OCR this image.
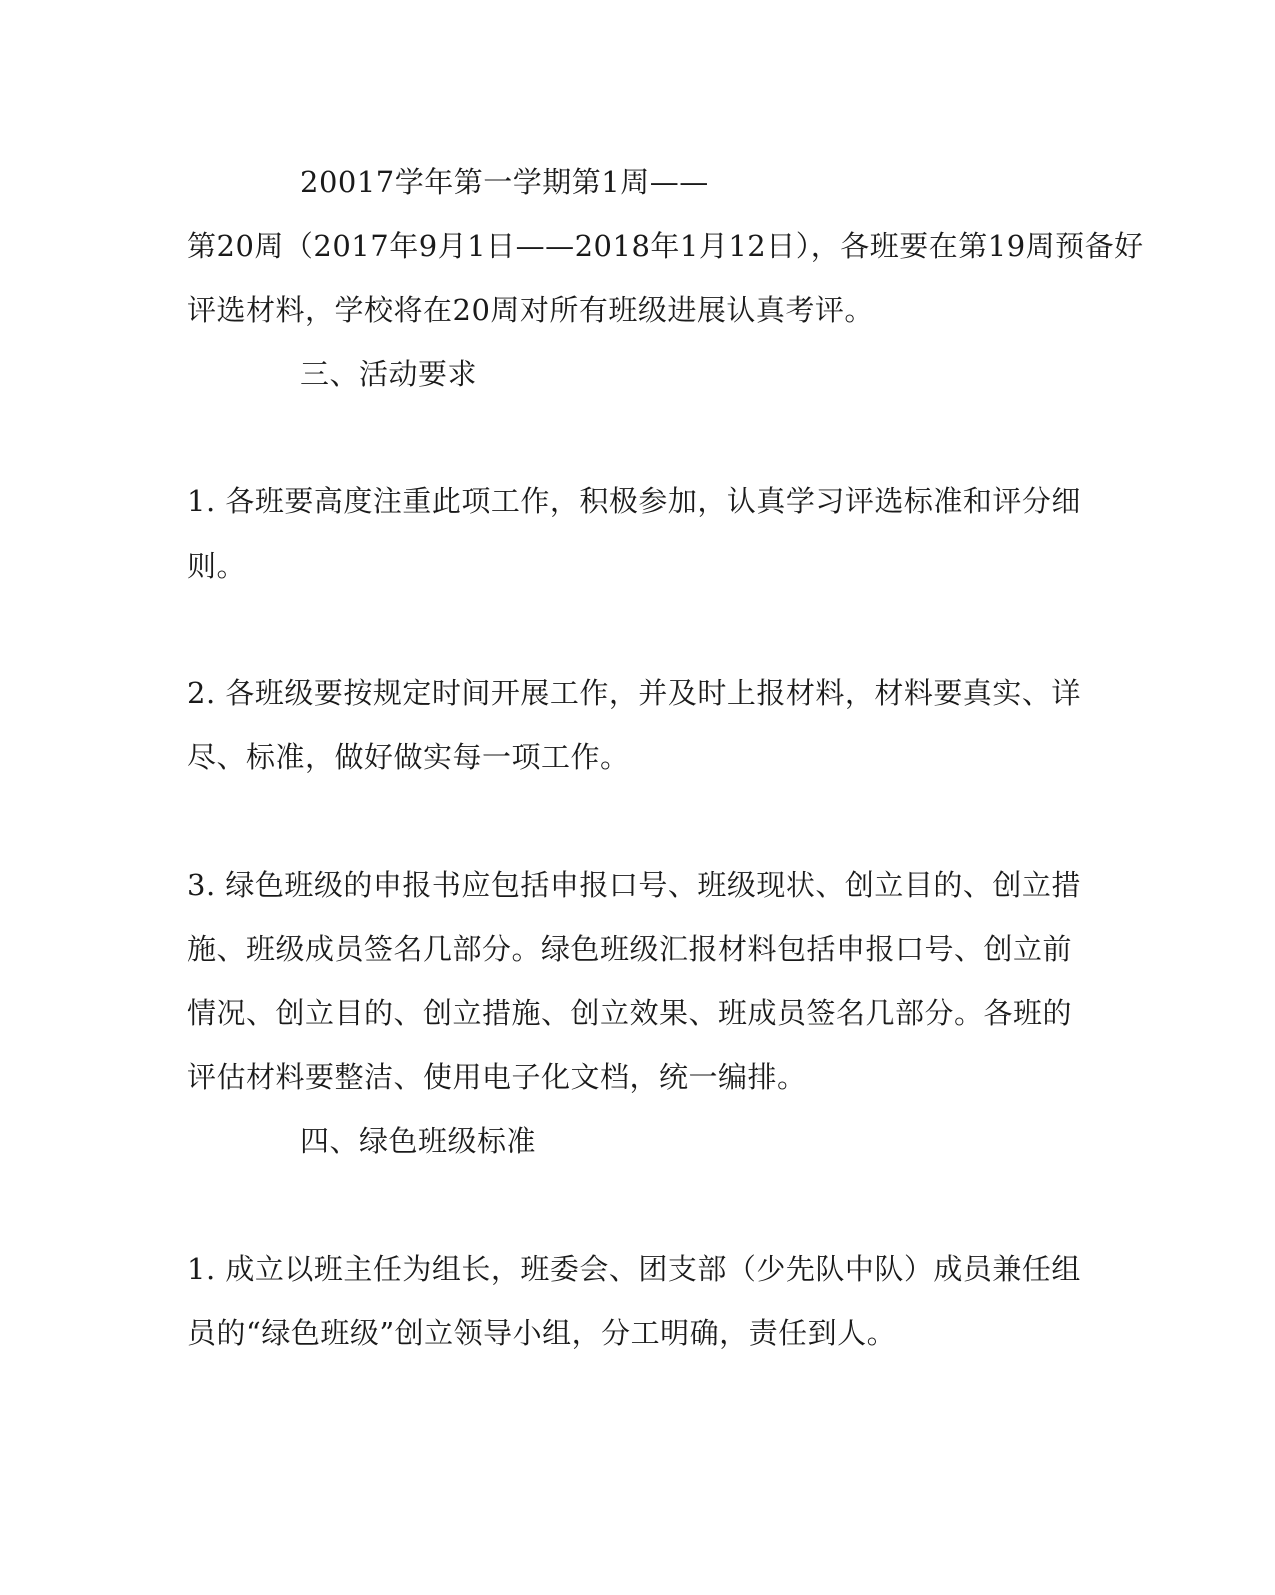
20017学年第一学期第1周——
第20周（2017年9月1日——2018年1月12日），各班要在第19周预备好
评选材料，学校将在20周对所有班级进展认真考评。
三、活动要求
1. 各班要高度注重此项工作，积极参加，认真学习评选标准和评分细
则。
2. 各班级要按规定时间开展工作，并及时上报材料，材料要真实、详
尽、标准，做好做实每一项工作。
3. 绿色班级的申报书应包括申报口号、班级现状、创立目的、创立措
施、班级成员签名几部分。绿色班级汇报材料包括申报口号、创立前
情况、创立目的、创立措施、创立效果、班成员签名几部分。各班的
评估材料要整洁、使用电子化文档，统一编排。
四、绿色班级标准
1. 成立以班主任为组长，班委会、团支部（少先队中队）成员兼任组
员的“绿色班级”创立领导小组，分工明确，责任到人。
